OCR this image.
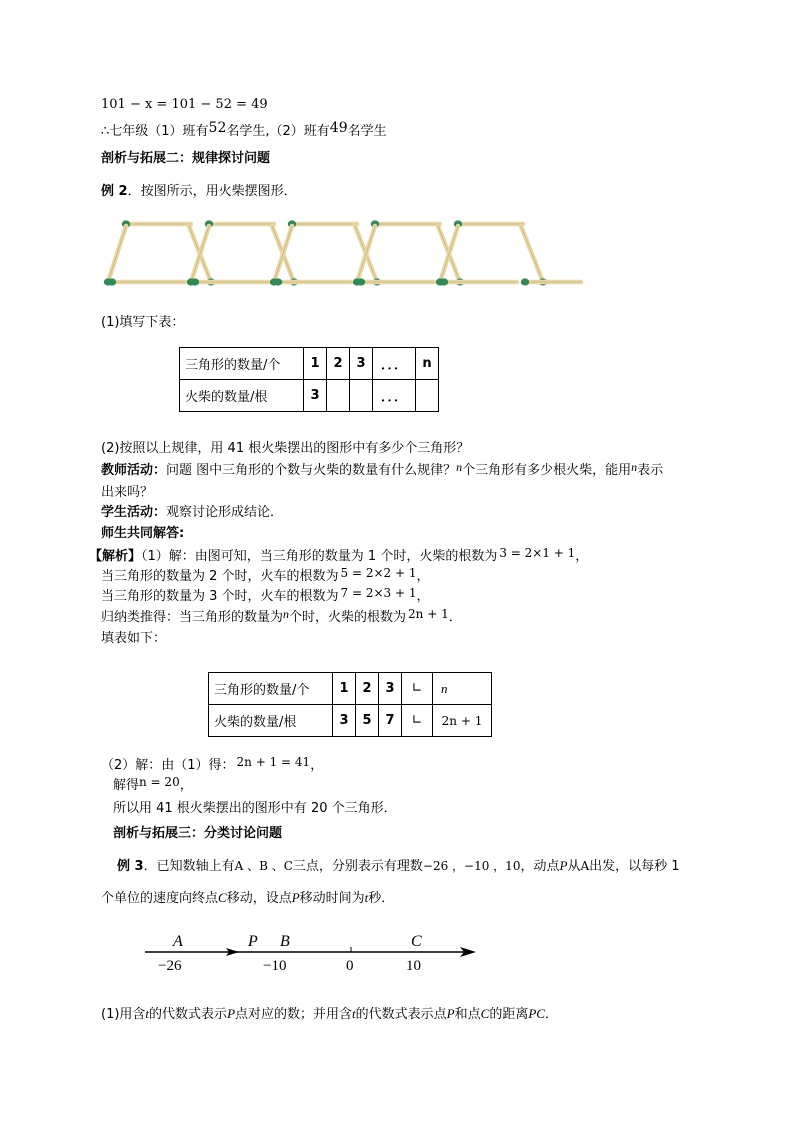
101 − x = 101 − 52 = 49
∴七年级（1）班有52名学生,（2）班有49名学生
剖析与拓展二：规律探讨问题
例 2．按图所示，用火柴摆图形．
(1)填写下表：
三角形的数量/个	1	2	3	．．．	n
火柴的数量/根	3			．．．	
(2)按照以上规律，用 41 根火柴摆出的图形中有多少个三角形？
教师活动：问题 图中三角形的个数与火柴的数量有什么规律？n个三角形有多少根火柴，能用n表示
出来吗？
学生活动：观察讨论形成结论．
师生共同解答:
【解析】（1）解：由图可知，当三角形的数量为 1 个时，火柴的根数为 3 = 2×1 + 1，
当三角形的数量为 2 个时，火车的根数为 5 = 2×2 + 1，
当三角形的数量为 3 个时，火车的根数为 7 = 2×3 + 1，
归纳类推得：当三角形的数量为n个时，火柴的根数为 2n + 1．
填表如下：
三角形的数量/个	1	2	3	∟	n
火柴的数量/根	3	5	7	∟	2n + 1
（2）解：由（1）得： 2n + 1 = 41，
解得n = 20，
所以用 41 根火柴摆出的图形中有 20 个三角形．
剖析与拓展三：分类讨论问题
例 3．已知数轴上有A 、B 、C三点，分别表示有理数−26 ，−10 ，10，动点P从A出发，以每秒 1
个单位的速度向终点C移动，设点P移动时间为t秒．
A	P B	C
−26	−10	0	10
(1)用含t的代数式表示P点对应的数；并用含t的代数式表示点P和点C的距离PC．
